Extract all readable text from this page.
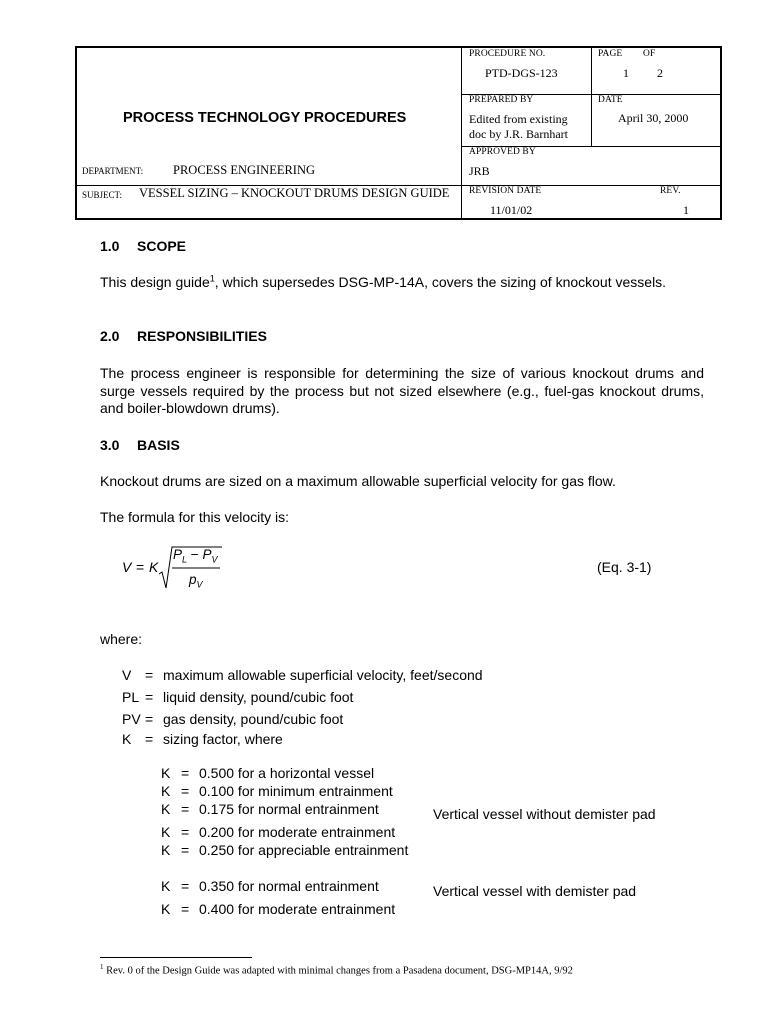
PROCESS TECHNOLOGY PROCEDURES
DEPARTMENT: PROCESS ENGINEERING
SUBJECT: VESSEL SIZING – KNOCKOUT DRUMS DESIGN GUIDE
PROCEDURE NO.
PTD-DGS-123
PAGE OF
1 2
PREPARED BY
Edited from existing
doc by J.R. Barnhart
DATE
April 30, 2000
APPROVED BY
JRB
REVISION DATE
11/01/02
REV.
1
1.0 SCOPE
This design guide$^1$, which supersedes DSG-MP-14A, covers the sizing of knockout vessels.
2.0 RESPONSIBILITIES
The process engineer is responsible for determining the size of various knockout drums and surge vessels required by the process but not sized elsewhere (e.g., fuel-gas knockout drums, and boiler-blowdown drums).
3.0 BASIS
Knockout drums are sized on a maximum allowable superficial velocity for gas flow.
The formula for this velocity is:
V = K
$P_L - P_V$
$p_V$
(Eq. 3-1)
where:
V = maximum allowable superficial velocity, feet/second
PL = liquid density, pound/cubic foot
PV = gas density, pound/cubic foot
K = sizing factor, where
K = 0.500 for a horizontal vessel
K = 0.100 for minimum entrainment
K = 0.175 for normal entrainment
K = 0.200 for moderate entrainment
K = 0.250 for appreciable entrainment
Vertical vessel without demister pad
K = 0.350 for normal entrainment
K = 0.400 for moderate entrainment
Vertical vessel with demister pad
$^1$ Rev. 0 of the Design Guide was adapted with minimal changes from a Pasadena document, DSG-MP14A, 9/92
